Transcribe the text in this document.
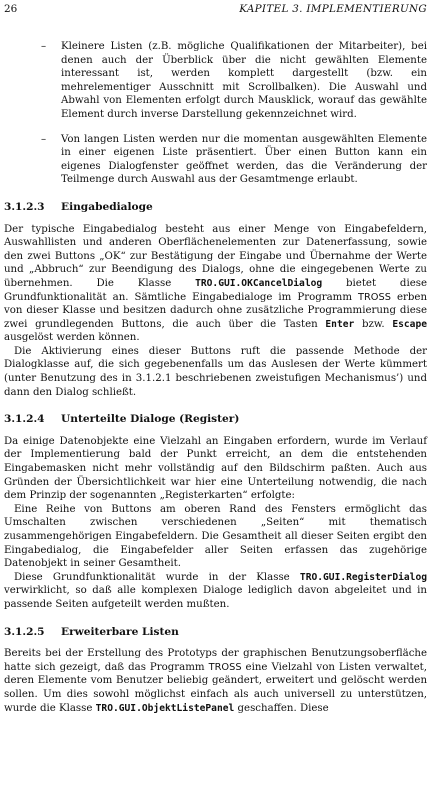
26	KAPITEL 3. IMPLEMENTIERUNG
– Kleinere Listen (z.B. mögliche Qualifikationen der Mitarbeiter), bei denen auch der Überblick über die nicht gewählten Elemente interessant ist, werden komplett dargestellt (bzw. ein mehrelementiger Ausschnitt mit Scrollbalken). Die Auswahl und Abwahl von Elementen erfolgt durch Mausklick, worauf das gewählte Element durch inverse Darstellung gekennzeichnet wird.
– Von langen Listen werden nur die momentan ausgewählten Elemente in einer eigenen Liste präsentiert. Über einen Button kann ein eigenes Dialogfenster geöffnet werden, das die Veränderung der Teilmenge durch Auswahl aus der Gesamtmenge erlaubt.
3.1.2.3 Eingabedialoge

Der typische Eingabedialog besteht aus einer Menge von Eingabefeldern, Auswahllisten und anderen Oberflächenelementen zur Datenerfassung, sowie den zwei Buttons „OK“ zur Bestätigung der Eingabe und Übernahme der Werte und „Abbruch“ zur Beendigung des Dialogs, ohne die eingegebenen Werte zu übernehmen. Die Klasse TRO.GUI.OKCancelDialog bietet diese Grundfunktionalität an. Sämtliche Eingabedialoge im Programm TROSS erben von dieser Klasse und besitzen dadurch ohne zusätzliche Programmierung diese zwei grundlegenden Buttons, die auch über die Tasten Enter bzw. Escape ausgelöst werden können.

Die Aktivierung eines dieser Buttons ruft die passende Methode der Dialogklasse auf, die sich gegebenenfalls um das Auslesen der Werte kümmert (unter Benutzung des in 3.1.2.1 beschriebenen zweistufigen Mechanismus’) und dann den Dialog schließt.

3.1.2.4 Unterteilte Dialoge (Register)

Da einige Datenobjekte eine Vielzahl an Eingaben erfordern, wurde im Verlauf der Implementierung bald der Punkt erreicht, an dem die entstehenden Eingabemasken nicht mehr vollständig auf den Bildschirm paßten. Auch aus Gründen der Übersichtlichkeit war hier eine Unterteilung notwendig, die nach dem Prinzip der sogenannten „Registerkarten“ erfolgte:

Eine Reihe von Buttons am oberen Rand des Fensters ermöglicht das Umschalten zwischen verschiedenen „Seiten“ mit thematisch zusammengehörigen Eingabefeldern. Die Gesamtheit all dieser Seiten ergibt den Eingabedialog, die Eingabefelder aller Seiten erfassen das zugehörige Datenobjekt in seiner Gesamtheit.

Diese Grundfunktionalität wurde in der Klasse TRO.GUI.RegisterDialog verwirklicht, so daß alle komplexen Dialoge lediglich davon abgeleitet und in passende Seiten aufgeteilt werden mußten.

3.1.2.5 Erweiterbare Listen

Bereits bei der Erstellung des Prototyps der graphischen Benutzungsoberfläche hatte sich gezeigt, daß das Programm TROSS eine Vielzahl von Listen verwaltet, deren Elemente vom Benutzer beliebig geändert, erweitert und gelöscht werden sollen. Um dies sowohl möglichst einfach als auch universell zu unterstützen, wurde die Klasse TRO.GUI.ObjektListePanel geschaffen. Diese
